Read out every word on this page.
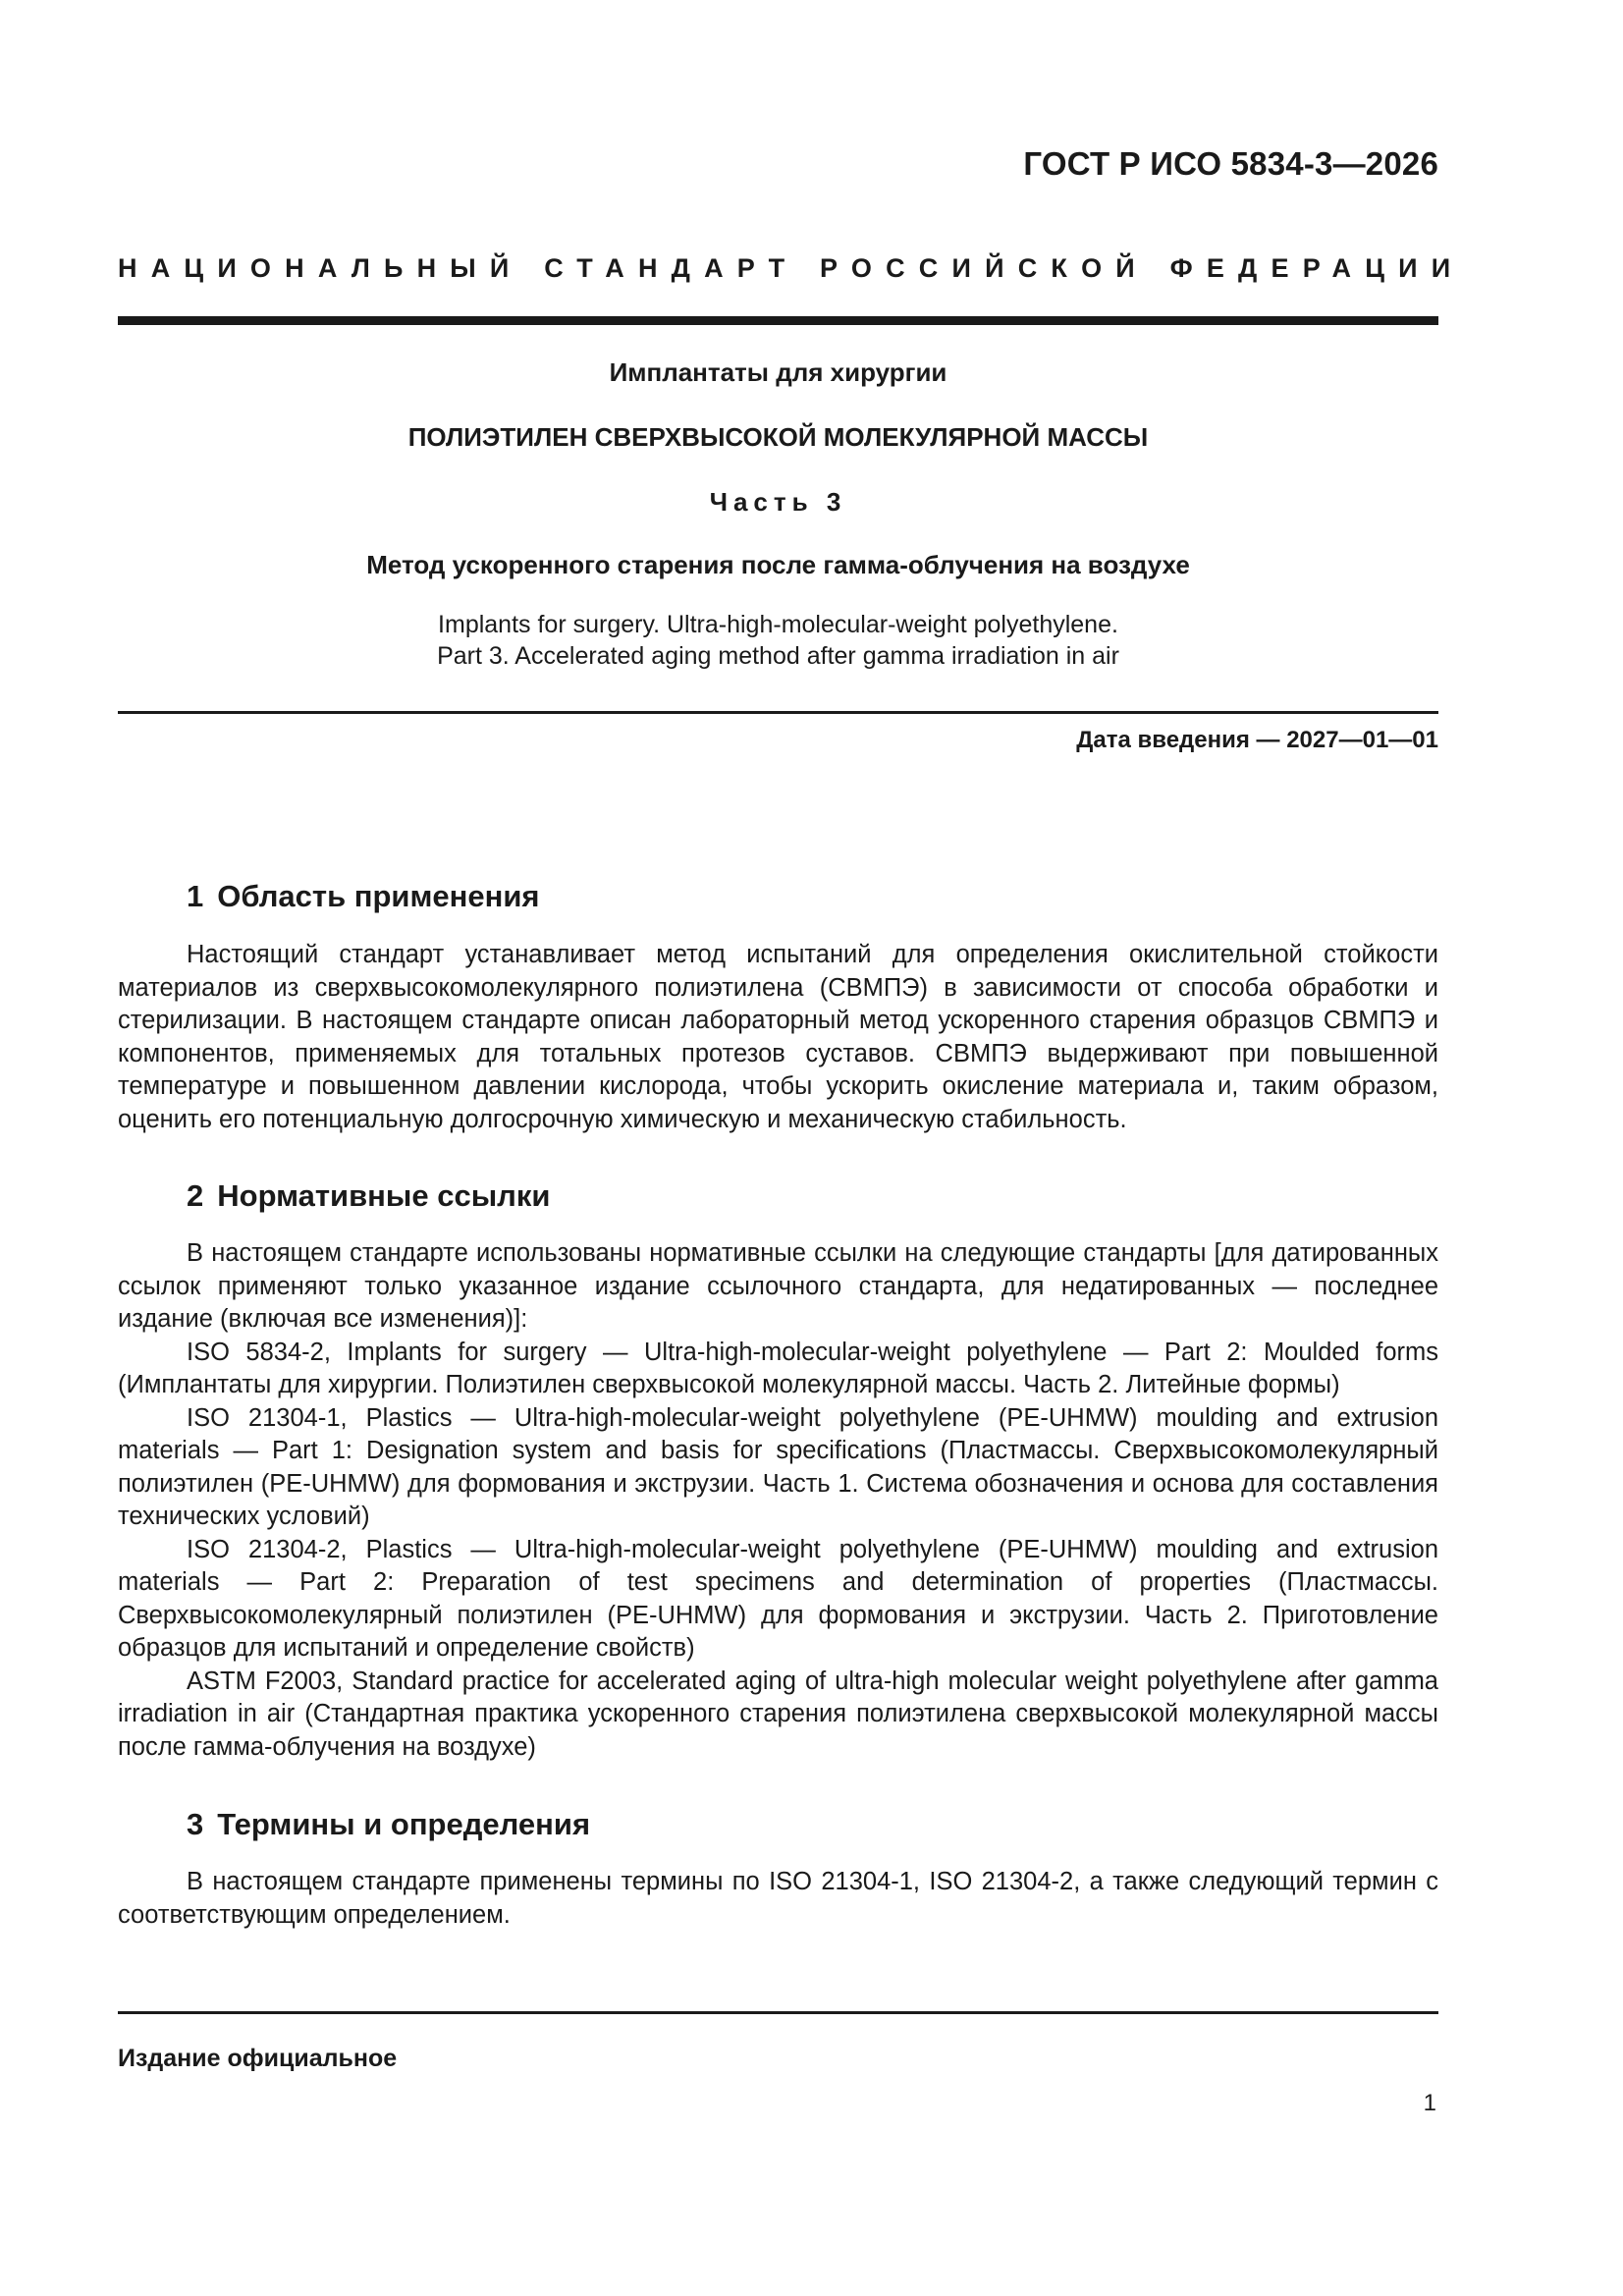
ГОСТ Р ИСО 5834-3—2026
НАЦИОНАЛЬНЫЙ СТАНДАРТ РОССИЙСКОЙ ФЕДЕРАЦИИ
Имплантаты для хирургии
ПОЛИЭТИЛЕН СВЕРХВЫСОКОЙ МОЛЕКУЛЯРНОЙ МАССЫ
Часть 3
Метод ускоренного старения после гамма-облучения на воздухе
Implants for surgery. Ultra-high-molecular-weight polyethylene.
Part 3. Accelerated aging method after gamma irradiation in air
Дата введения — 2027—01—01
1 Область применения

Настоящий стандарт устанавливает метод испытаний для определения окислительной стойкости материалов из сверхвысокомолекулярного полиэтилена (СВМПЭ) в зависимости от способа обработки и стерилизации. В настоящем стандарте описан лабораторный метод ускоренного старения образцов СВМПЭ и компонентов, применяемых для тотальных протезов суставов. СВМПЭ выдерживают при повышенной температуре и повышенном давлении кислорода, чтобы ускорить окисление материала и, таким образом, оценить его потенциальную долгосрочную химическую и механическую стабильность.

2 Нормативные ссылки

В настоящем стандарте использованы нормативные ссылки на следующие стандарты [для датированных ссылок применяют только указанное издание ссылочного стандарта, для недатированных — последнее издание (включая все изменения)]:

ISO 5834-2, Implants for surgery — Ultra-high-molecular-weight polyethylene — Part 2: Moulded forms (Имплантаты для хирургии. Полиэтилен сверхвысокой молекулярной массы. Часть 2. Литейные формы)

ISO 21304-1, Plastics — Ultra-high-molecular-weight polyethylene (PE-UHMW) moulding and extrusion materials — Part 1: Designation system and basis for specifications (Пластмассы. Сверхвысокомолекулярный полиэтилен (PE-UHMW) для формования и экструзии. Часть 1. Система обозначения и основа для составления технических условий)

ISO 21304-2, Plastics — Ultra-high-molecular-weight polyethylene (PE-UHMW) moulding and extrusion materials — Part 2: Preparation of test specimens and determination of properties (Пластмассы. Сверхвысокомолекулярный полиэтилен (PE-UHMW) для формования и экструзии. Часть 2. Приготовление образцов для испытаний и определение свойств)

ASTM F2003, Standard practice for accelerated aging of ultra-high molecular weight polyethylene after gamma irradiation in air (Стандартная практика ускоренного старения полиэтилена сверхвысокой молекулярной массы после гамма-облучения на воздухе)

3 Термины и определения

В настоящем стандарте применены термины по ISO 21304-1, ISO 21304-2, а также следующий термин с соответствующим определением.

Издание официальное
1
